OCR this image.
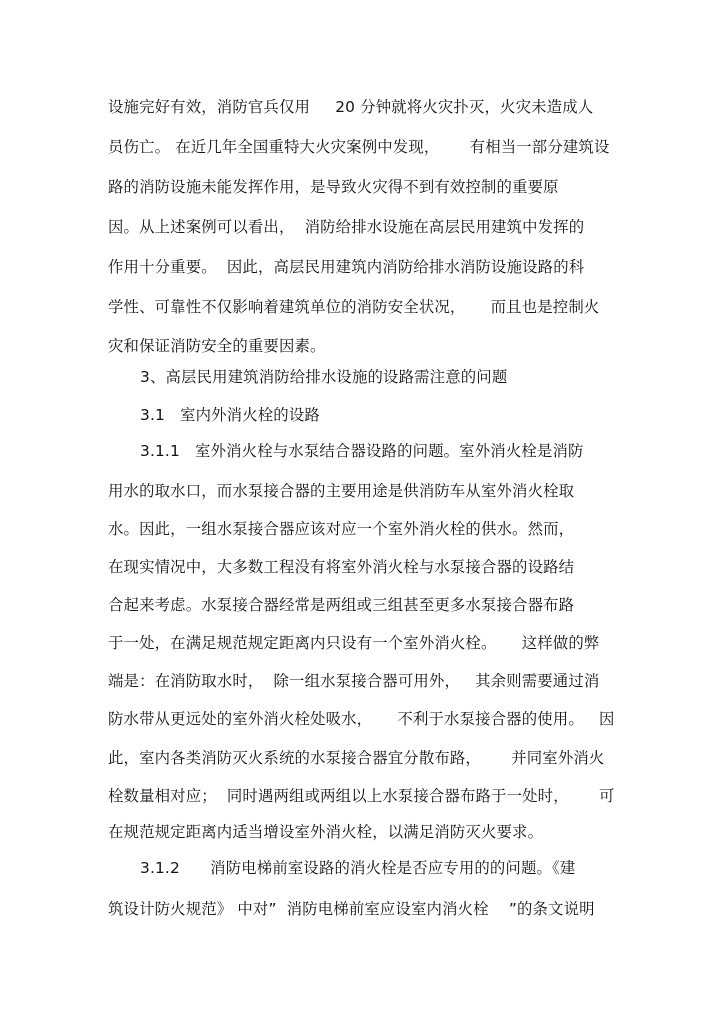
设施完好有效，消防官兵仅用     20 分钟就将火灾扑灭，火灾未造成人
员伤亡。 在近几年全国重特大火灾案例中发现，      有相当一部分建筑设
路的消防设施未能发挥作用，是导致火灾得不到有效控制的重要原
因。从上述案例可以看出，  消防给排水设施在高层民用建筑中发挥的
作用十分重要。  因此，高层民用建筑内消防给排水消防设施设路的科
学性、可靠性不仅影响着建筑单位的消防安全状况，     而且也是控制火
灾和保证消防安全的重要因素。
3、高层民用建筑消防给排水设施的设路需注意的问题
3.1   室内外消火栓的设路
3.1.1   室外消火栓与水泵结合器设路的问题。室外消火栓是消防
用水的取水口，而水泵接合器的主要用途是供消防车从室外消火栓取
水。因此，一组水泵接合器应该对应一个室外消火栓的供水。然而，
在现实情况中，大多数工程没有将室外消火栓与水泵接合器的设路结
合起来考虑。水泵接合器经常是两组或三组甚至更多水泵接合器布路
于一处，在满足规范规定距离内只设有一个室外消火栓。     这样做的弊
端是：在消防取水时，  除一组水泵接合器可用外，   其余则需要通过消
防水带从更远处的室外消火栓处吸水，     不利于水泵接合器的使用。   因
此，室内各类消防灭火系统的水泵接合器宜分散布路，      并同室外消火
栓数量相对应；  同时遇两组或两组以上水泵接合器布路于一处时，      可
在规范规定距离内适当增设室外消火栓，以满足消防灭火要求。
3.1.2      消防电梯前室设路的消火栓是否应专用的的问题。《建
筑设计防火规范》 中对”  消防电梯前室应设室内消火栓    ”的条文说明
